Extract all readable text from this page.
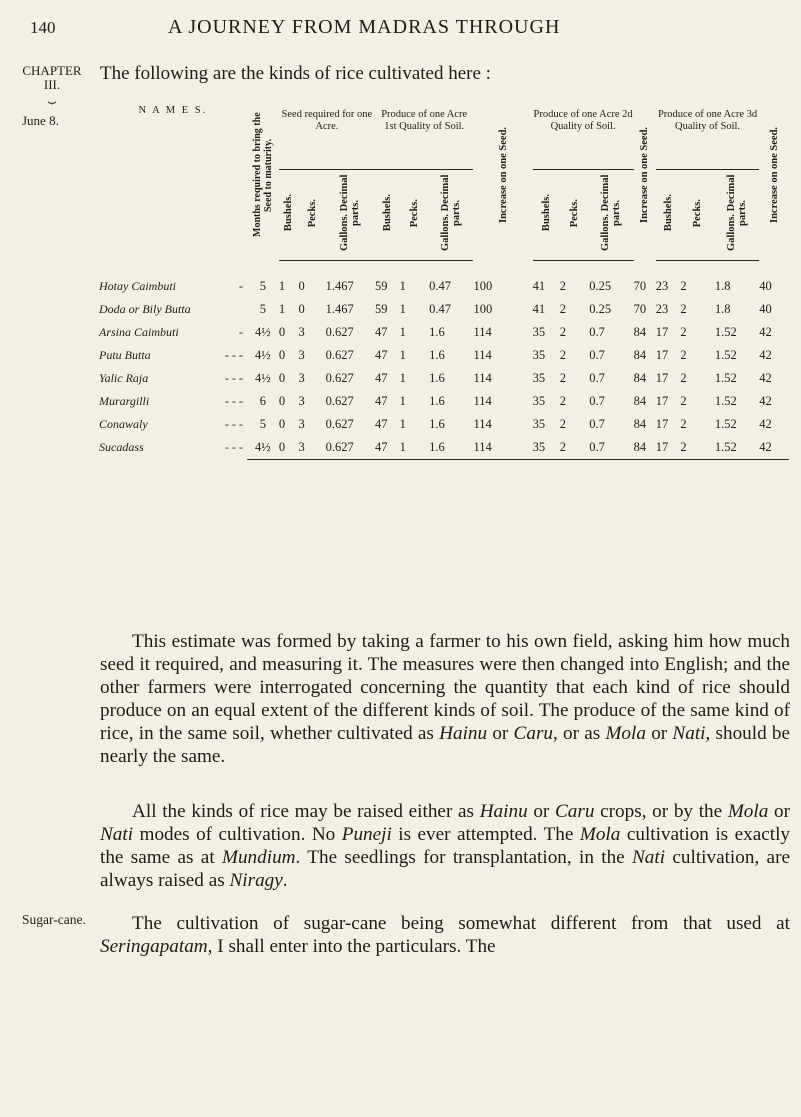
140	A JOURNEY FROM MADRAS THROUGH
CHAPTER
III.
⏟
June 8.
Sugar-cane.
The following are the kinds of rice cultivated here :
N A M E S.	Months required to bring the Seed to maturity.	Seed required for one Acre.			Produce of one Acre 1st Quality of Soil.			Increase on one Seed.	Produce of one Acre 2d Quality of Soil.			Increase on one Seed.	Produce of one Acre 3d Quality of Soil.			Increase on one Seed.
		Bushels.	Pecks.	Gallons. Decimal parts.	Bushels.	Pecks.	Gallons. Decimal parts.		Bushels.	Pecks.	Gallons. Decimal parts.		Bushels.	Pecks.	Gallons. Decimal parts.	
Hotay Caimbuti -	5	1	0	1.467	59	1	0.47	100	41	2	0.25	70	23	2	1.8	40
Doda or Bily Butta	5	1	0	1.467	59	1	0.47	100	41	2	0.25	70	23	2	1.8	40
Arsina Caimbuti -	4½	0	3	0.627	47	1	1.6	114	35	2	0.7	84	17	2	1.52	42
Putu Butta - - -	4½	0	3	0.627	47	1	1.6	114	35	2	0.7	84	17	2	1.52	42
Yalic Raja - - -	4½	0	3	0.627	47	1	1.6	114	35	2	0.7	84	17	2	1.52	42
Murargilli - - -	6	0	3	0.627	47	1	1.6	114	35	2	0.7	84	17	2	1.52	42
Conawaly - - -	5	0	3	0.627	47	1	1.6	114	35	2	0.7	84	17	2	1.52	42
Sucadass - - -	4½	0	3	0.627	47	1	1.6	114	35	2	0.7	84	17	2	1.52	42
This estimate was formed by taking a farmer to his own field, asking him how much seed it required, and measuring it. The measures were then changed into English; and the other farmers were interrogated concerning the quantity that each kind of rice should produce on an equal extent of the different kinds of soil. The produce of the same kind of rice, in the same soil, whether cultivated as Hainu or Caru, or as Mola or Nati, should be nearly the same.
All the kinds of rice may be raised either as Hainu or Caru crops, or by the Mola or Nati modes of cultivation. No Puneji is ever attempted. The Mola cultivation is exactly the same as at Mundium. The seedlings for transplantation, in the Nati cultivation, are always raised as Niragy.
The cultivation of sugar-cane being somewhat different from that used at Seringapatam, I shall enter into the particulars. The
